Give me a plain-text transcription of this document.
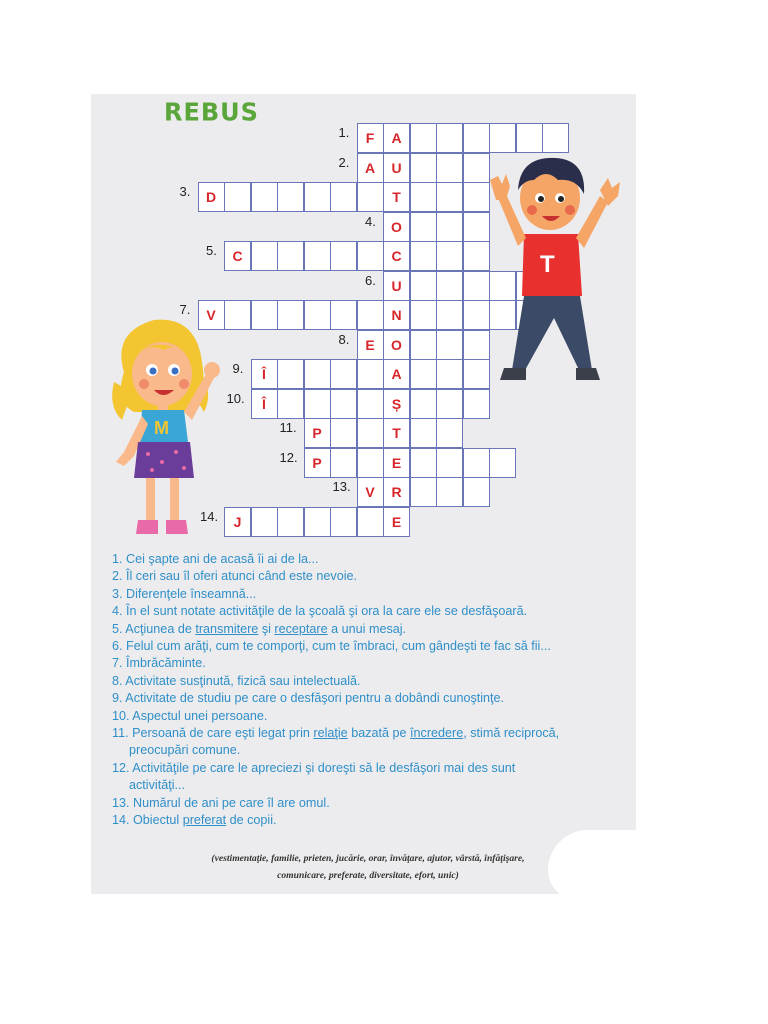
REBUS
F	A
1.
A	U
2.
D	T
3.
O
4.
C	C
5.
U
6.
V	N
7.
E	O
8.
Î	A
9.
Î	Ș
10.
P	T
11.
P	E
12.
V	R
13.
J	E
14.
M
T
1. Cei şapte ani de acasă îi ai de la...
2. Îl ceri sau îl oferi atunci când este nevoie.
3. Diferenţele înseamnă...
4. În el sunt notate activităţile de la şcoală şi ora la care ele se desfăşoară.
5. Acţiunea de transmitere şi receptare a unui mesaj.
6. Felul cum arăţi, cum te comporţi, cum te îmbraci, cum gândeşti te fac să fii...
7. Îmbrăcăminte.
8. Activitate susţinută, fizică sau intelectuală.
9. Activitate de studiu pe care o desfăşori pentru a dobândi cunoştinţe.
10. Aspectul unei persoane.
11. Persoană de care eşti legat prin relaţie bazată pe încredere, stimă reciprocă,
preocupări comune.
12. Activităţile pe care le apreciezi şi doreşti să le desfăşori mai des sunt
activităţi...
13. Numărul de ani pe care îl are omul.
14. Obiectul preferat de copii.
(vestimentaţie, familie, prieten, jucărie, orar, învăţare, ajutor, vârstă, înfăţişare,
comunicare, preferate, diversitate, efort, unic)
